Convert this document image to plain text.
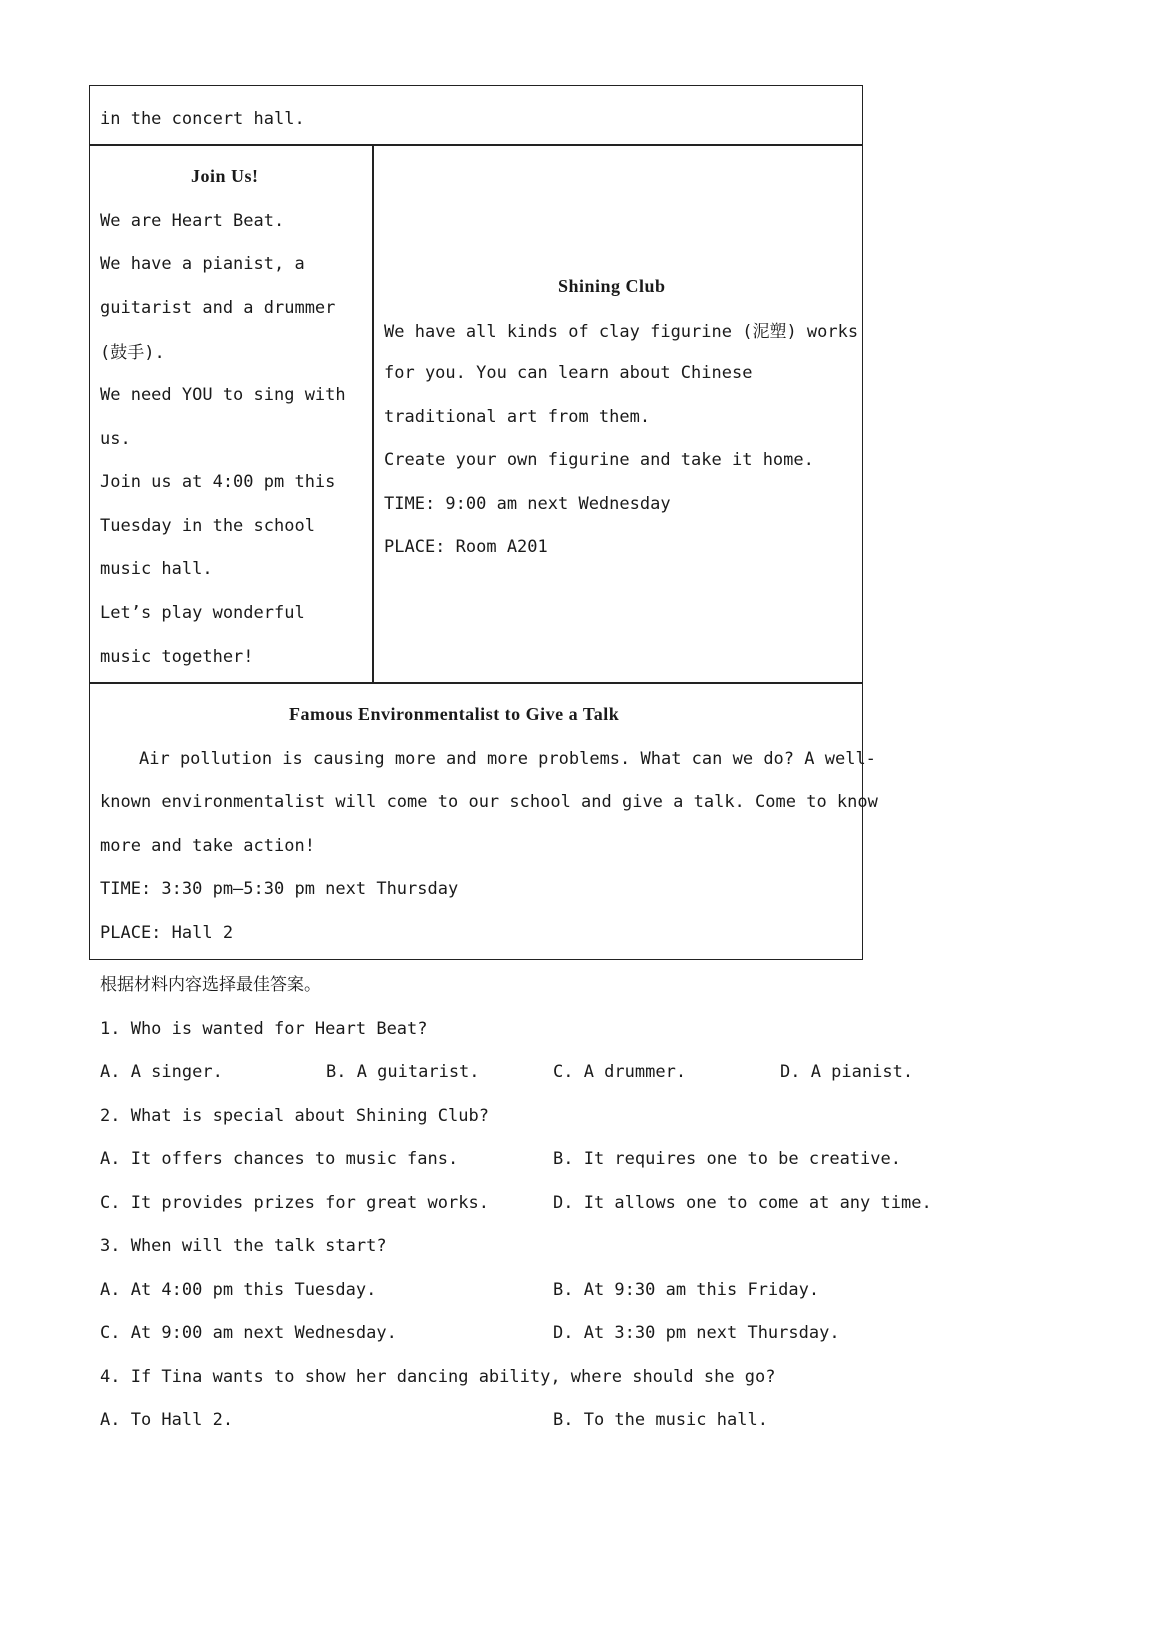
in the concert hall.
Join Us!
We are Heart Beat.
We have a pianist, a
guitarist and a drummer
(鼓手).
We need YOU to sing with
us.
Join us at 4:00 pm this
Tuesday in the school
music hall.
Let’s play wonderful
music together!
Shining Club
We have all kinds of clay figurine (泥塑) works
for you. You can learn about Chinese
traditional art from them.
Create your own figurine and take it home.
TIME: 9:00 am next Wednesday
PLACE: Room A201
Famous Environmentalist to Give a Talk
Air pollution is causing more and more problems. What can we do? A well-
known environmentalist will come to our school and give a talk. Come to know
more and take action!
TIME: 3:30 pm—5:30 pm next Thursday
PLACE: Hall 2
根据材料内容选择最佳答案。
1. Who is wanted for Heart Beat?
A. A singer.	B. A guitarist.	C. A drummer.	D. A pianist.
2. What is special about Shining Club?
A. It offers chances to music fans.	B. It requires one to be creative.
C. It provides prizes for great works.	D. It allows one to come at any time.
3. When will the talk start?
A. At 4:00 pm this Tuesday.	B. At 9:30 am this Friday.
C. At 9:00 am next Wednesday.	D. At 3:30 pm next Thursday.
4. If Tina wants to show her dancing ability, where should she go?
A. To Hall 2.	B. To the music hall.
